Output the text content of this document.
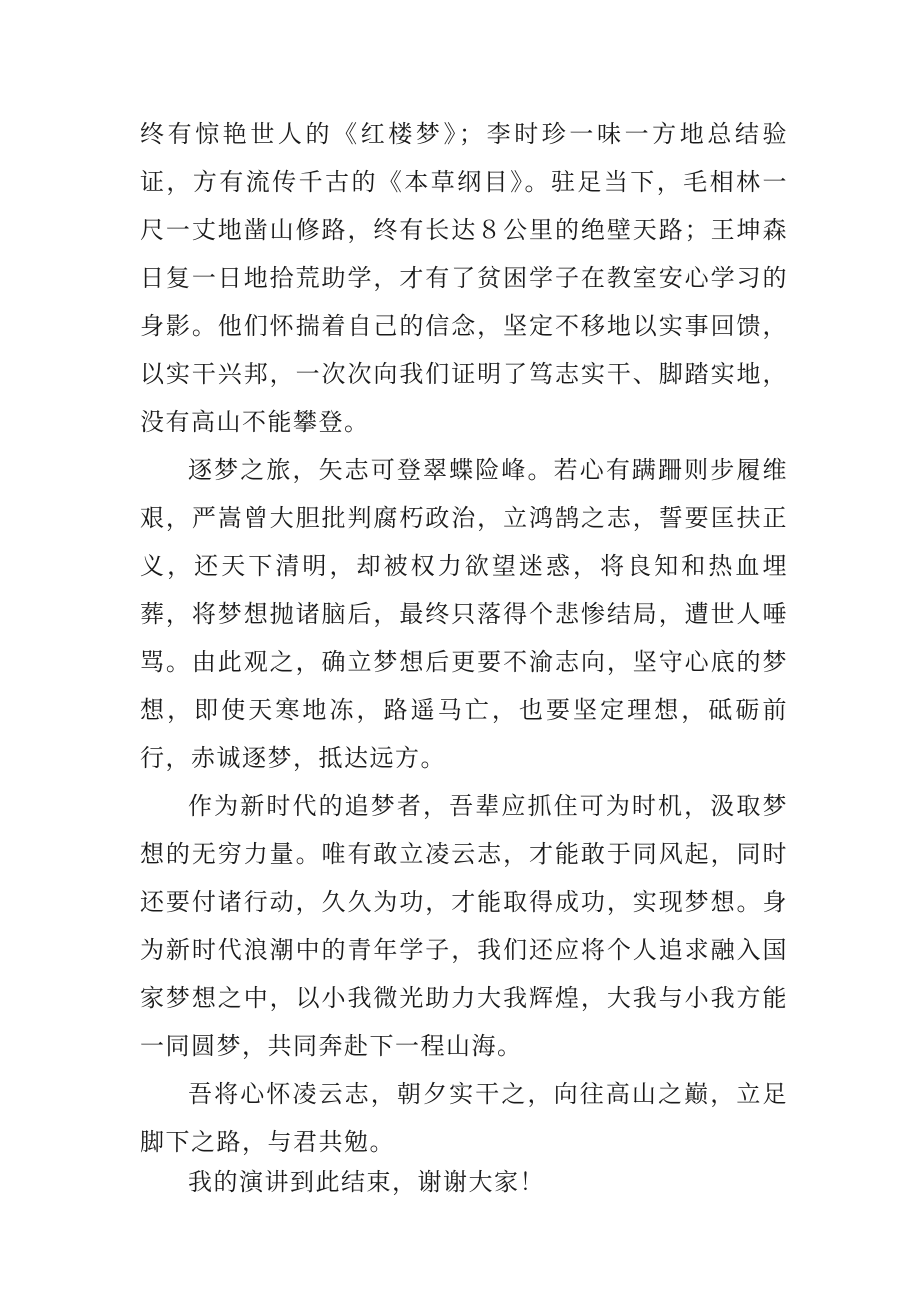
终有惊艳世人的《红楼梦》；李时珍一味一方地总结验证，方有流传千古的《本草纲目》。驻足当下，毛相林一尺一丈地凿山修路，终有长达８公里的绝壁天路；王坤森日复一日地拾荒助学，才有了贫困学子在教室安心学习的身影。他们怀揣着自己的信念，坚定不移地以实事回馈，以实干兴邦，一次次向我们证明了笃志实干、脚踏实地，没有高山不能攀登。

逐梦之旅，矢志可登翠蝶险峰。若心有蹒跚则步履维艰，严嵩曾大胆批判腐朽政治，立鸿鹄之志，誓要匡扶正义，还天下清明，却被权力欲望迷惑，将良知和热血埋葬，将梦想抛诸脑后，最终只落得个悲惨结局，遭世人唾骂。由此观之，确立梦想后更要不渝志向，坚守心底的梦想，即使天寒地冻，路遥马亡，也要坚定理想，砥砺前行，赤诚逐梦，抵达远方。

作为新时代的追梦者，吾辈应抓住可为时机，汲取梦想的无穷力量。唯有敢立凌云志，才能敢于同风起，同时还要付诸行动，久久为功，才能取得成功，实现梦想。身为新时代浪潮中的青年学子，我们还应将个人追求融入国家梦想之中，以小我微光助力大我辉煌，大我与小我方能一同圆梦，共同奔赴下一程山海。

吾将心怀凌云志，朝夕实干之，向往高山之巅，立足脚下之路，与君共勉。

我的演讲到此结束，谢谢大家！
